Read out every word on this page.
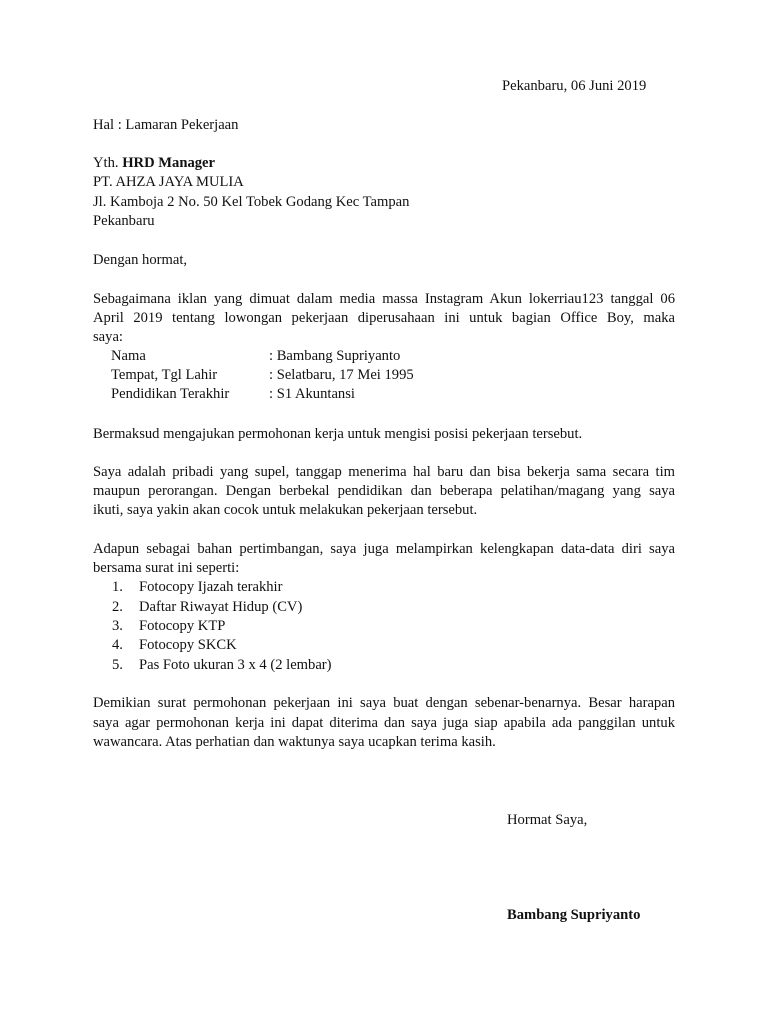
Pekanbaru, 06 Juni 2019
Hal : Lamaran Pekerjaan
Yth. HRD Manager
PT. AHZA JAYA MULIA
Jl. Kamboja 2 No. 50 Kel Tobek Godang Kec Tampan
Pekanbaru
Dengan hormat,
Sebagaimana iklan yang dimuat dalam media massa Instagram Akun lokerriau123 tanggal 06
April 2019 tentang lowongan pekerjaan diperusahaan ini untuk bagian Office Boy, maka
saya:
Nama	: Bambang Supriyanto
Tempat, Tgl Lahir	: Selatbaru, 17 Mei 1995
Pendidikan Terakhir	: S1 Akuntansi
Bermaksud mengajukan permohonan kerja untuk mengisi posisi pekerjaan tersebut.
Saya adalah pribadi yang supel, tanggap menerima hal baru dan bisa bekerja sama secara tim
maupun perorangan. Dengan berbekal pendidikan dan beberapa pelatihan/magang yang saya
ikuti, saya yakin akan cocok untuk melakukan pekerjaan tersebut.
Adapun sebagai bahan pertimbangan, saya juga melampirkan kelengkapan data-data diri saya
bersama surat ini seperti:
1. Fotocopy Ijazah terakhir
2. Daftar Riwayat Hidup (CV)
3. Fotocopy KTP
4. Fotocopy SKCK
5. Pas Foto ukuran 3 x 4 (2 lembar)
Demikian surat permohonan pekerjaan ini saya buat dengan sebenar-benarnya. Besar harapan
saya agar permohonan kerja ini dapat diterima dan saya juga siap apabila ada panggilan untuk
wawancara. Atas perhatian dan waktunya saya ucapkan terima kasih.
Hormat Saya,
Bambang Supriyanto
